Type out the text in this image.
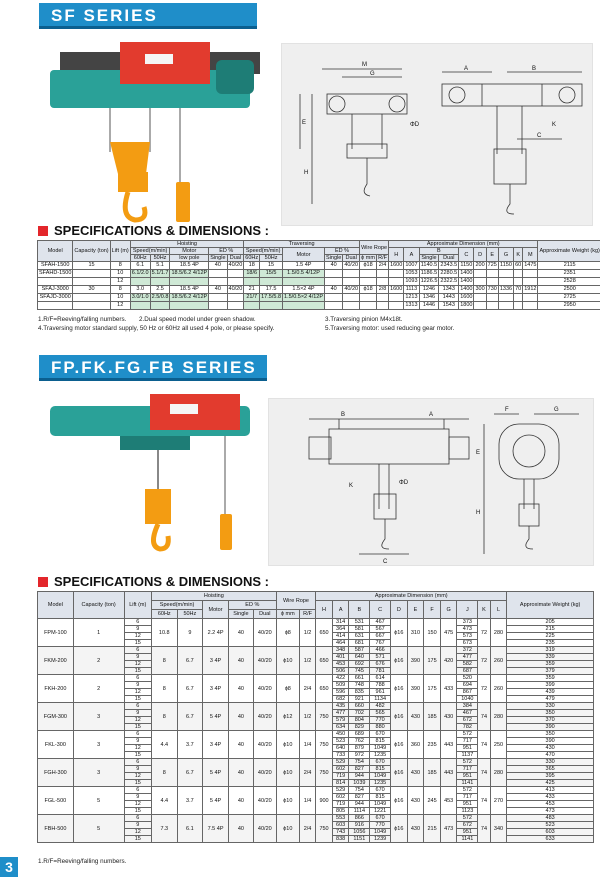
SF SERIES
M
G
E
H
A	B
C
K
ΦD
SPECIFICATIONS & DIMENSIONS :
Model	Capacity (ton)	Lift (m)	Hoisting					Traversing					Wire Rope		Approximate Dimension (mm)										Approximate Weight (kg)
			Speed(m/min)		Motor	ED %		Speed(m/min)		Motor	ED %				H	A	B		C	D	E	G	K	M	
			60Hz	50Hz	low pole	Single	Dual	60Hz	50Hz		Single	Dual	ϕ mm	R/F			Single	Dual							
SFAH-1500	15	8	6.1	5.1	18.5 4P	40	40/20	18	15	1.5 4P	40	40/20	ϕ18	2/4	1600	1007	1140.5	2343.5	1150	200	725	1150	60	1475	2115
SFAHD-1500		10	6.1/2.0	5.1/1.7	18.5/6.2 4/12P			18/6	15/5	1.5/0.5 4/12P						1053	1186.5	2280.5	1400						2351
		12														1093	1226.5	2322.5	1400						2528
SFAJ-3000	30	8	3.0	2.5	18.5 4P	40	40/20	21	17.5	1.5×2 4P	40	40/20	ϕ18	2/8	1600	1113	1246	1343	1400	300	730	1336	70	1912	2500
SFAJD-3000		10	3.0/1.0	2.5/0.8	18.5/6.2 4/12P			21/7	17.5/5.8	1.5/0.5×2 4/12P						1213	1346	1443	1600						2725
		12														1313	1446	1543	1800						2950
1.R/F=Reeving/falling numbers. 2.Dual speed model under green shadow.	3.Traversing pinion M4x18t.
4.Traversing motor standard supply, 50 Hz or 60Hz all used 4 pole, or please specify.	5.Traversing motor: used reducing gear motor.
FP.FK.FG.FB SERIES
B	A
K
C
ΦD
F	G
E
H
SPECIFICATIONS & DIMENSIONS :
Model	Capacity (ton)	Lift (m)	Hoisting					Wire Rope		Approximate Dimension (mm)											Approximate Weight (kg)
			Speed(m/min)		Motor	ED %				H	A	B	C	D	E	F	G	J	K	L	
			60Hz	50Hz		Single	Dual	ϕ mm	R/F												
FPM-100	1	6	10.8	9	2.2 4P	40	40/20	ϕ8	1/2	650	314	531	467	ϕ16	310	150	475	373	72	280	205
		9									364	581	567					473			215
		12									414	631	667					573			225
		15									464	681	767					673			235
FKM-200	2	6	8	6.7	3 4P	40	40/20	ϕ10	1/2	650	348	587	466	ϕ16	390	175	420	372	72	260	319
		9									401	640	571					477			339
		12									453	692	676					582			359
		15									506	745	781					687			379
FKH-200	2	6	8	6.7	3 4P	40	40/20	ϕ8	2/4	650	422	661	614	ϕ16	390	175	433	520	72	260	359
		9									509	748	788					694			399
		12									596	835	961					867			439
		15									682	921	1134					1040			479
FGM-300	3	6	8	6.7	5 4P	40	40/20	ϕ12	1/2	750	435	660	482	ϕ16	430	185	430	384	74	280	330
		9									477	702	565					467			350
		12									579	804	770					672			370
		15									634	829	880					782			390
FKL-300	3	6	4.4	3.7	3 4P	40	40/20	ϕ10	1/4	750	450	689	670	ϕ16	360	235	443	572	74	250	350
		9									523	762	815					717			390
		12									640	879	1049					951			430
		15									733	972	1235					1137			470
FGH-300	3	6	8	6.7	5 4P	40	40/20	ϕ10	2/4	750	529	754	670	ϕ16	430	185	443	572	74	280	330
		9									602	827	815					717			365
		12									719	944	1049					951			395
		15									814	1039	1235					1141			425
FGL-500	5	6	4.4	3.7	5 4P	40	40/20	ϕ10	1/4	900	529	754	670	ϕ16	430	245	453	572	74	270	413
		9									602	827	815					717			433
		12									719	944	1049					951			453
		15									805	1114	1221					1123			473
FBH-500	5	6	7.3	6.1	7.5 4P	40	40/20	ϕ10	2/4	750	553	866	670	ϕ16	430	215	473	572	74	340	483
		9									603	916	770					672			523
		12									743	1056	1049					951			603
		15									838	1151	1239					1141			633
1.R/F=Reeving/falling numbers.
3
